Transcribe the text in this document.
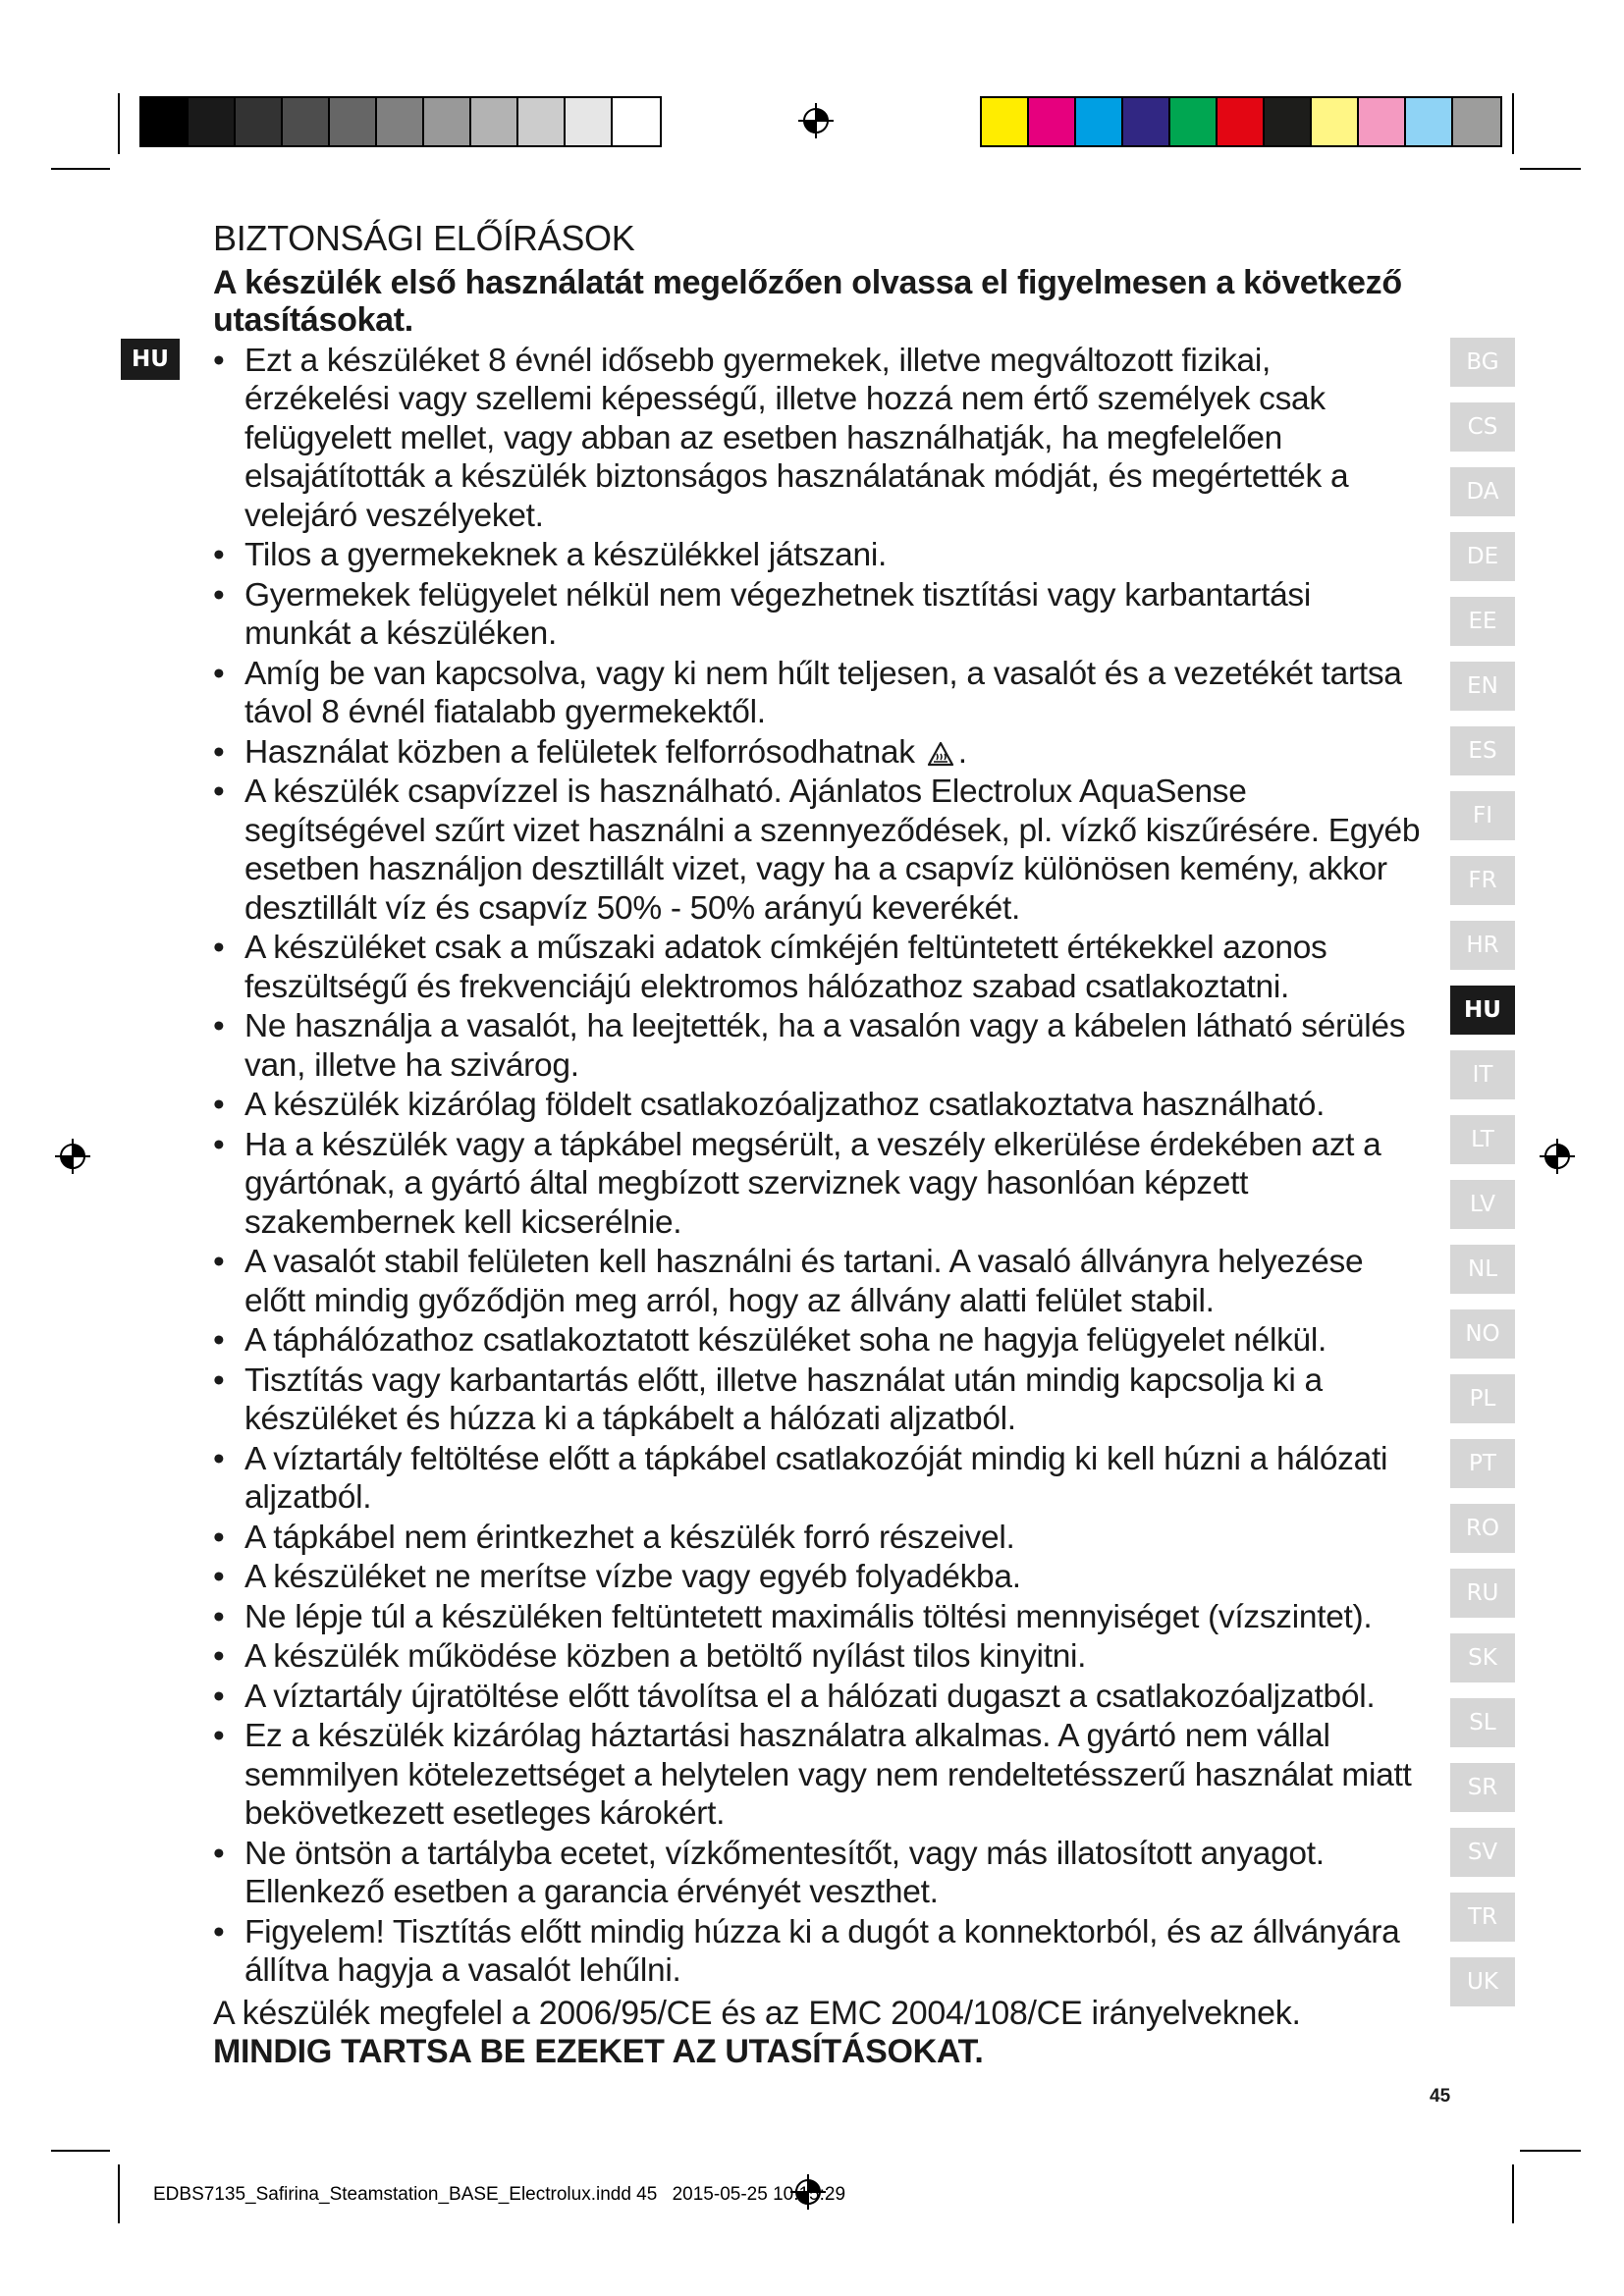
HU
BIZTONSÁGI ELŐÍRÁSOK

A készülék első használatát megelőzően olvassa el figyelmesen a következő utasításokat.

• Ezt a készüléket 8 évnél idősebb gyermekek, illetve megváltozott fizikai, érzékelési vagy szellemi képességű, illetve hozzá nem értő személyek csak felügyelett mellet, vagy abban az esetben használhatják, ha megfelelően elsajátították a készülék biztonságos használatának módját, és megértették a velejáró veszélyeket.
• Tilos a gyermekeknek a készülékkel játszani.
• Gyermekek felügyelet nélkül nem végezhetnek tisztítási vagy karbantartási munkát a készüléken.
• Amíg be van kapcsolva, vagy ki nem hűlt teljesen, a vasalót és a vezetékét tartsa távol 8 évnél fiatalabb gyermekektől.
• Használat közben a felületek felforrósodhatnak .
• A készülék csapvízzel is használható. Ajánlatos Electrolux AquaSense segítségével szűrt vizet használni a szennyeződések, pl. vízkő kiszűrésére. Egyéb esetben használjon desztillált vizet, vagy ha a csapvíz különösen kemény, akkor desztillált víz és csapvíz 50% - 50% arányú keverékét.
• A készüléket csak a műszaki adatok címkéjén feltüntetett értékekkel azonos feszültségű és frekvenciájú elektromos hálózathoz szabad csatlakoztatni.
• Ne használja a vasalót, ha leejtették, ha a vasalón vagy a kábelen látható sérülés van, illetve ha szivárog.
• A készülék kizárólag földelt csatlakozóaljzathoz csatlakoztatva használható.
• Ha a készülék vagy a tápkábel megsérült, a veszély elkerülése érdekében azt a gyártónak, a gyártó által megbízott szerviznek vagy hasonlóan képzett szakembernek kell kicserélnie.
• A vasalót stabil felületen kell használni és tartani. A vasaló állványra helyezése előtt mindig győződjön meg arról, hogy az állvány alatti felület stabil.
• A táphálózathoz csatlakoztatott készüléket soha ne hagyja felügyelet nélkül.
• Tisztítás vagy karbantartás előtt, illetve használat után mindig kapcsolja ki a készüléket és húzza ki a tápkábelt a hálózati aljzatból.
• A víztartály feltöltése előtt a tápkábel csatlakozóját mindig ki kell húzni a hálózati aljzatból.
• A tápkábel nem érintkezhet a készülék forró részeivel.
• A készüléket ne merítse vízbe vagy egyéb folyadékba.
• Ne lépje túl a készüléken feltüntetett maximális töltési mennyiséget (vízszintet).
• A készülék működése közben a betöltő nyílást tilos kinyitni.
• A víztartály újratöltése előtt távolítsa el a hálózati dugaszt a csatlakozóaljzatból.
• Ez a készülék kizárólag háztartási használatra alkalmas. A gyártó nem vállal semmilyen kötelezettséget a helytelen vagy nem rendeltetésszerű használat miatt bekövetkezett esetleges károkért.
• Ne öntsön a tartályba ecetet, vízkőmentesítőt, vagy más illatosított anyagot. Ellenkező esetben a garancia érvényét veszthet.
• Figyelem! Tisztítás előtt mindig húzza ki a dugót a konnektorból, és az állványára állítva hagyja a vasalót lehűlni.

A készülék megfelel a 2006/95/CE és az EMC 2004/108/CE irányelveknek. MINDIG TARTSA BE EZEKET AZ UTASÍTÁSOKAT.

BG
CS
DA
DE
EE
EN
ES
FI
FR
HR
HU
IT
LT
LV
NL
NO
PL
PT
RO
RU
SK
SL
SR
SV
TR
UK
45
EDBS7135_Safirina_Steamstation_BASE_Electrolux.indd 45 2015-05-25 10:15:29
